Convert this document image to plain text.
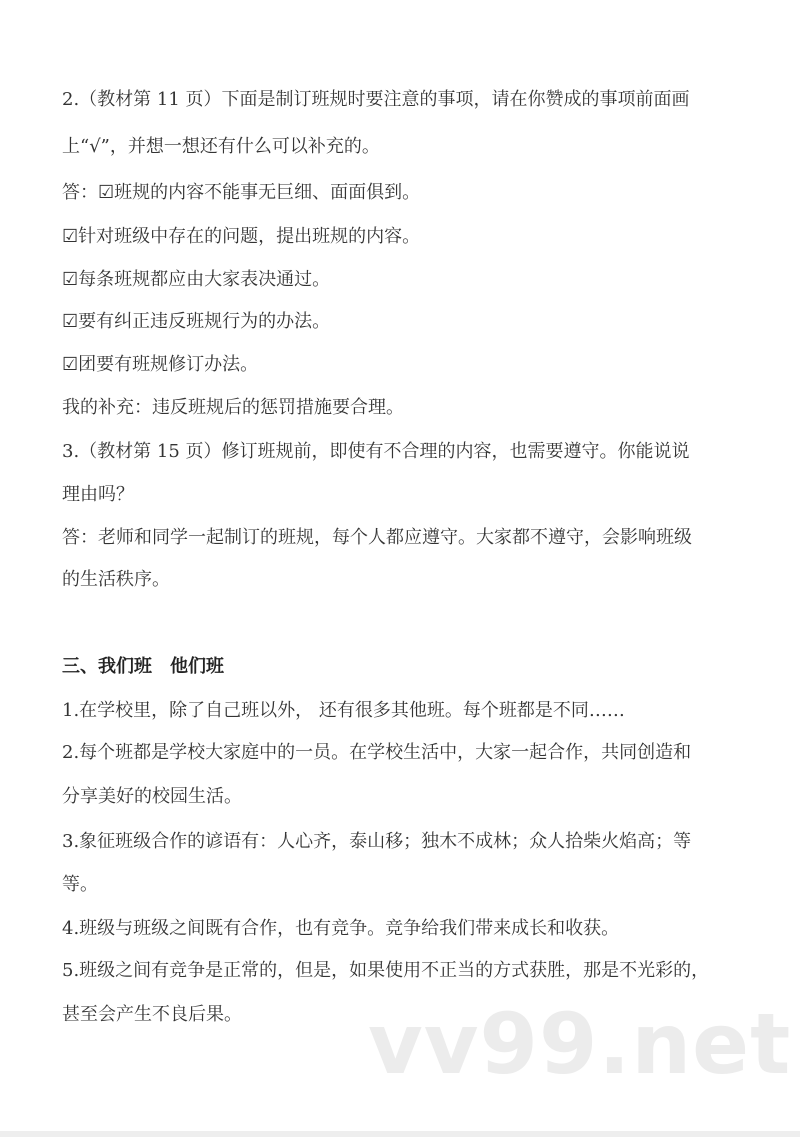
2.（教材第 11 页）下面是制订班规时要注意的事项，请在你赞成的事项前面画
上“√”，并想一想还有什么可以补充的。
答：☑班规的内容不能事无巨细、面面俱到。
☑针对班级中存在的问题，提出班规的内容。
☑每条班规都应由大家表决通过。
☑要有纠正违反班规行为的办法。
☑团要有班规修订办法。
我的补充：违反班规后的惩罚措施要合理。
3.（教材第 15 页）修订班规前，即使有不合理的内容，也需要遵守。你能说说
理由吗？
答：老师和同学一起制订的班规，每个人都应遵守。大家都不遵守，会影响班级
的生活秩序。
三、我们班　他们班
1.在学校里，除了自己班以外， 还有很多其他班。每个班都是不同……
2.每个班都是学校大家庭中的一员。在学校生活中，大家一起合作，共同创造和
分享美好的校园生活。
3.象征班级合作的谚语有：人心齐，泰山移；独木不成林；众人拾柴火焰高；等
等。
4.班级与班级之间既有合作，也有竞争。竞争给我们带来成长和收获。
5.班级之间有竞争是正常的，但是，如果使用不正当的方式获胜，那是不光彩的，
甚至会产生不良后果。 vv99.net
